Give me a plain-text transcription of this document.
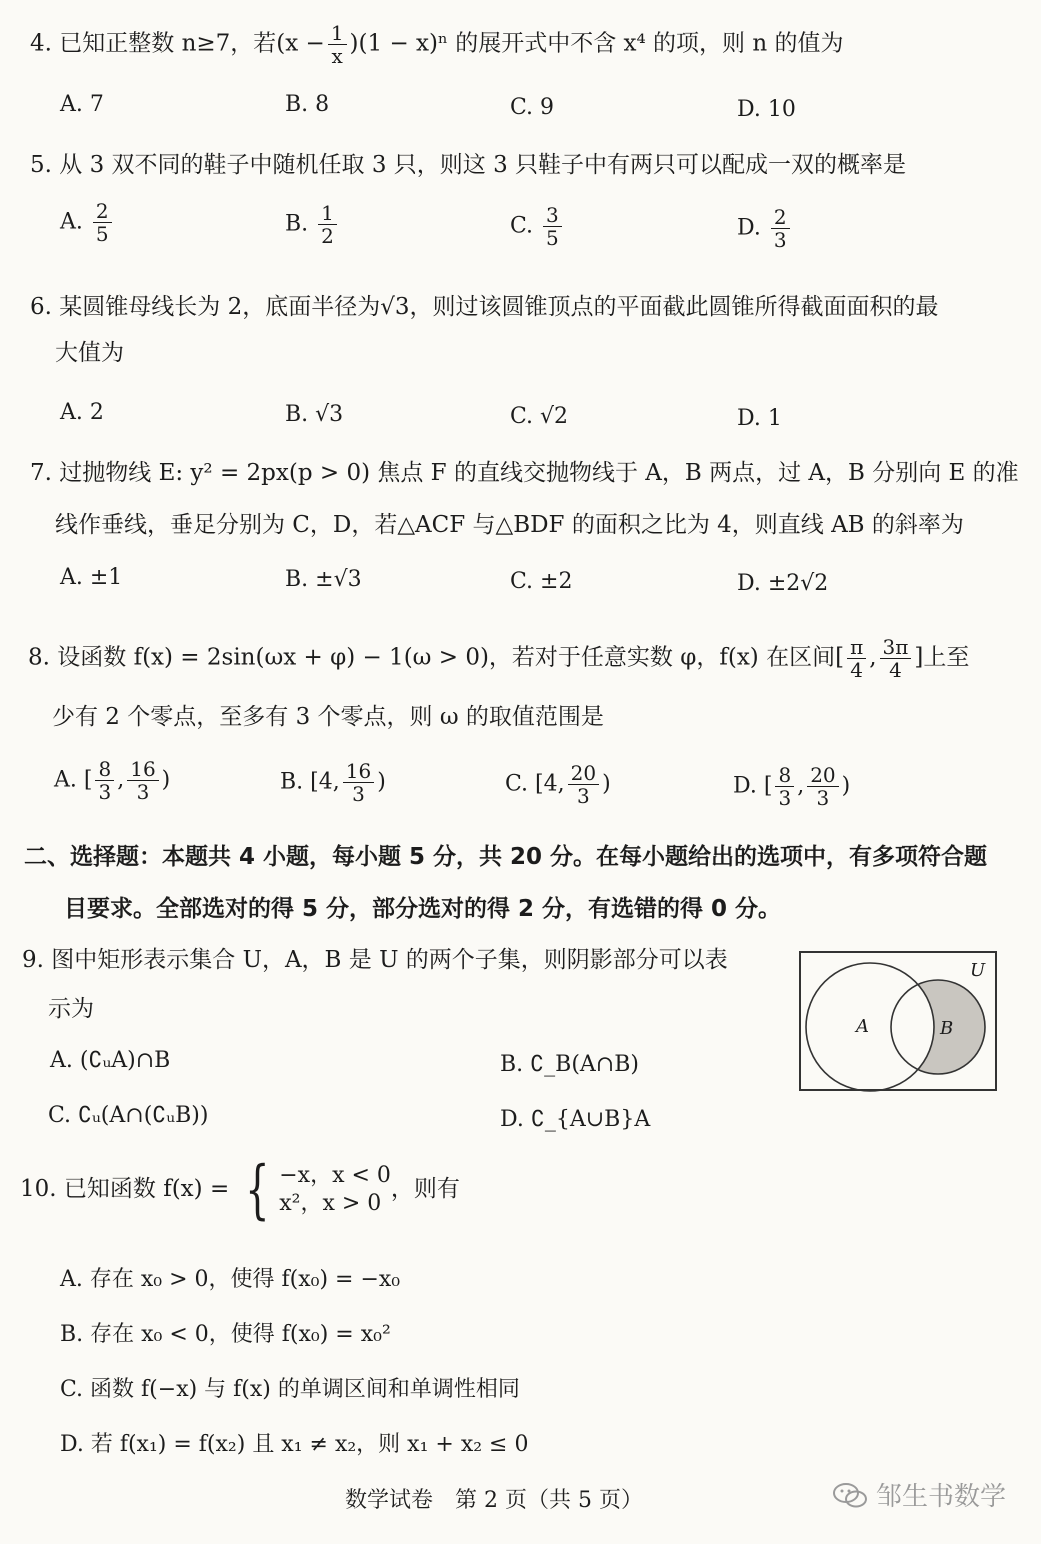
4. 已知正整数 n≥7，若$(x - \frac{1}{x} )(1 - x)^n$ 的展开式中不含 x⁴ 的项，则 n 的值为
A. 7	B. 8	C. 9	D. 10
5. 从 3 双不同的鞋子中随机任取 3 只，则这 3 只鞋子中有两只可以配成一双的概率是
A. $\frac{2}{5}$	B. $\frac{1}{2}$	C. $\frac{3}{5}$	D. $\frac{2}{3}$
6. 某圆锥母线长为 2，底面半径为√3，则过该圆锥顶点的平面截此圆锥所得截面面积的最
大值为
A. 2	B. √3	C. √2	D. 1
7. 过抛物线 E: y² = 2px(p > 0) 焦点 F 的直线交抛物线于 A，B 两点，过 A，B 分别向 E 的准
线作垂线，垂足分别为 C，D，若△ACF 与△BDF 的面积之比为 4，则直线 AB 的斜率为
A. ±1	B. ±√3	C. ±2	D. ±2√2
8. 设函数 f(x) = 2sin(ωx + φ) − 1(ω > 0)，若对于任意实数 φ，f(x) 在区间[ $\frac{\pi}{4}$ , $\frac{3\pi}{4}$ ]上至
少有 2 个零点，至多有 3 个零点，则 ω 的取值范围是
A. [ $\frac{8}{3}$ , $\frac{16}{3}$ )	B. [4, $\frac{16}{3}$ )	C. [4, $\frac{20}{3}$ )	D. [ $\frac{8}{3}$ , $\frac{20}{3}$ )
二、选择题：本题共 4 小题，每小题 5 分，共 20 分。在每小题给出的选项中，有多项符合题
目要求。全部选对的得 5 分，部分选对的得 2 分，有选错的得 0 分。
9. 图中矩形表示集合 U，A，B 是 U 的两个子集，则阴影部分可以表
示为
A. (∁ᵤA)∩B	B. ∁_B(A∩B)
C. ∁ᵤ(A∩(∁ᵤB))	D. ∁_{A∪B}A
U
A	B
10. 已知函数 f(x) = { −x，x < 0
x²，x > 0
，则有
A. 存在 x₀ > 0，使得 f(x₀) = −x₀
B. 存在 x₀ < 0，使得 f(x₀) = x₀²
C. 函数 f(−x) 与 f(x) 的单调区间和单调性相同
D. 若 f(x₁) = f(x₂) 且 x₁ ≠ x₂，则 x₁ + x₂ ≤ 0
数学试卷　第 2 页（共 5 页）	邹生书数学
